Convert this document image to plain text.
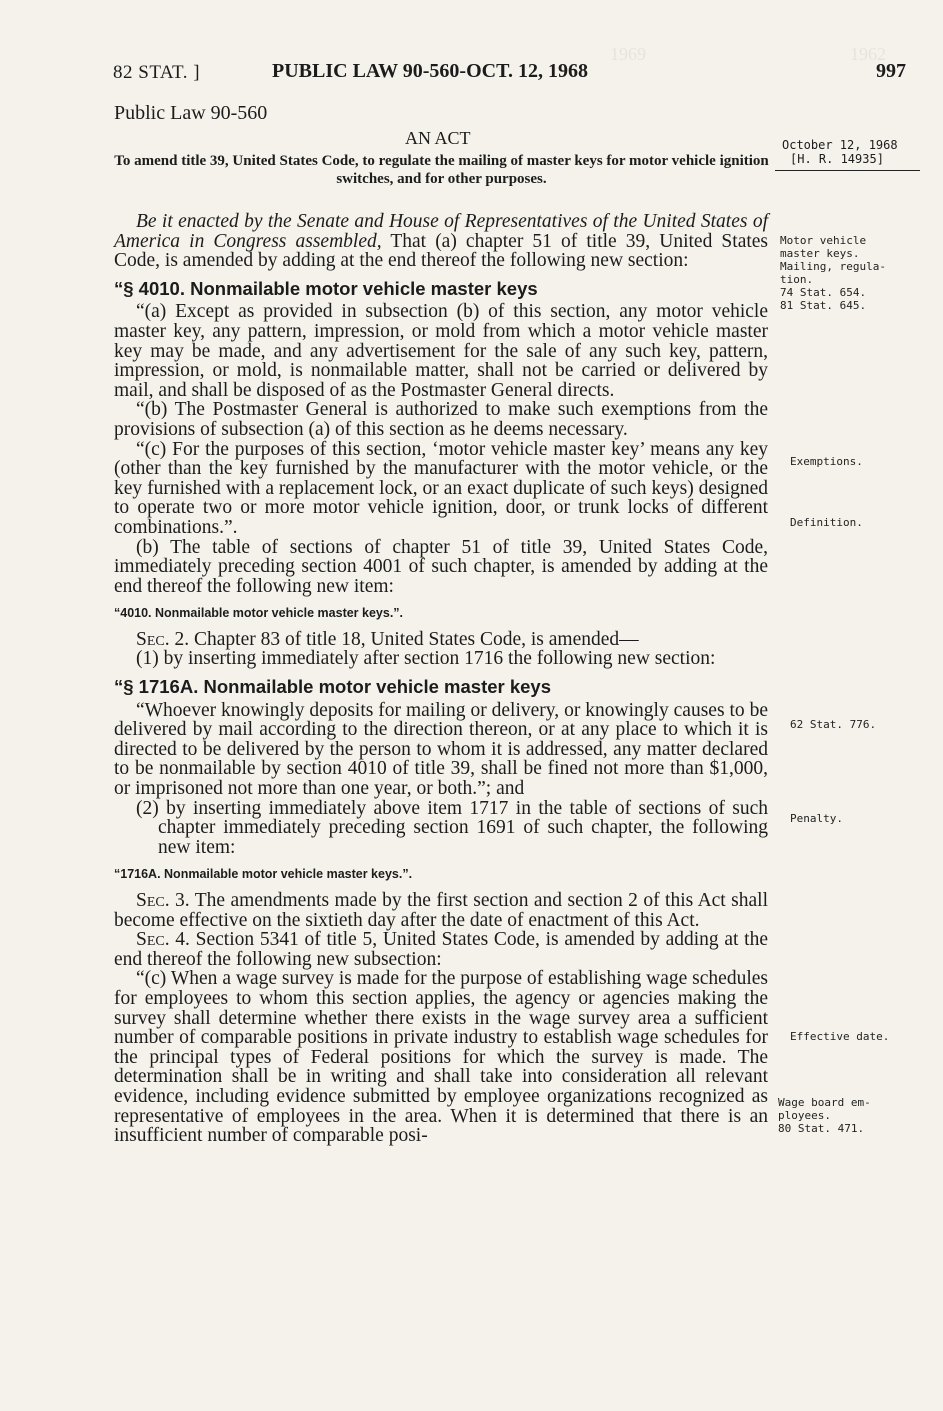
1969	1962
82 STAT. ]	PUBLIC LAW 90-560-OCT. 12, 1968	997
Public Law 90-560
AN ACT
To amend title 39, United States Code, to regulate the mailing of master keys for motor vehicle ignition switches, and for other purposes.
October 12, 1968
[H. R. 14935]
Motor vehicle
master keys.
Mailing, regula-
tion.
74 Stat. 654.
81 Stat. 645.
Exemptions.
Definition.
62 Stat. 776.
Penalty.
Effective date.
Wage board em-
ployees.
80 Stat. 471.

Be it enacted by the Senate and House of Representatives of the United States of America in Congress assembled, That (a) chapter 51 of title 39, United States Code, is amended by adding at the end thereof the following new section:

“§ 4010. Nonmailable motor vehicle master keys

“(a) Except as provided in subsection (b) of this section, any motor vehicle master key, any pattern, impression, or mold from which a motor vehicle master key may be made, and any advertisement for the sale of any such key, pattern, impression, or mold, is nonmailable matter, shall not be carried or delivered by mail, and shall be disposed of as the Postmaster General directs.

“(b) The Postmaster General is authorized to make such exemptions from the provisions of subsection (a) of this section as he deems necessary.

“(c) For the purposes of this section, ‘motor vehicle master key’ means any key (other than the key furnished by the manufacturer with the motor vehicle, or the key furnished with a replacement lock, or an exact duplicate of such keys) designed to operate two or more motor vehicle ignition, door, or trunk locks of different combinations.”.

(b) The table of sections of chapter 51 of title 39, United States Code, immediately preceding section 4001 of such chapter, is amended by adding at the end thereof the following new item:

“4010. Nonmailable motor vehicle master keys.”.

Sec. 2. Chapter 83 of title 18, United States Code, is amended—

(1) by inserting immediately after section 1716 the following new section:

“§ 1716A. Nonmailable motor vehicle master keys

“Whoever knowingly deposits for mailing or delivery, or knowingly causes to be delivered by mail according to the direction thereon, or at any place to which it is directed to be delivered by the person to whom it is addressed, any matter declared to be nonmailable by section 4010 of title 39, shall be fined not more than $1,000, or imprisoned not more than one year, or both.”; and

(2) by inserting immediately above item 1717 in the table of sections of such chapter immediately preceding section 1691 of such chapter, the following new item:

“1716A. Nonmailable motor vehicle master keys.”.

Sec. 3. The amendments made by the first section and section 2 of this Act shall become effective on the sixtieth day after the date of enactment of this Act.

Sec. 4. Section 5341 of title 5, United States Code, is amended by adding at the end thereof the following new subsection:

“(c) When a wage survey is made for the purpose of establishing wage schedules for employees to whom this section applies, the agency or agencies making the survey shall determine whether there exists in the wage survey area a sufficient number of comparable positions in private industry to establish wage schedules for the principal types of Federal positions for which the survey is made. The determination shall be in writing and shall take into consideration all relevant evidence, including evidence submitted by employee organizations recognized as representative of employees in the area. When it is determined that there is an insufficient number of comparable posi-
